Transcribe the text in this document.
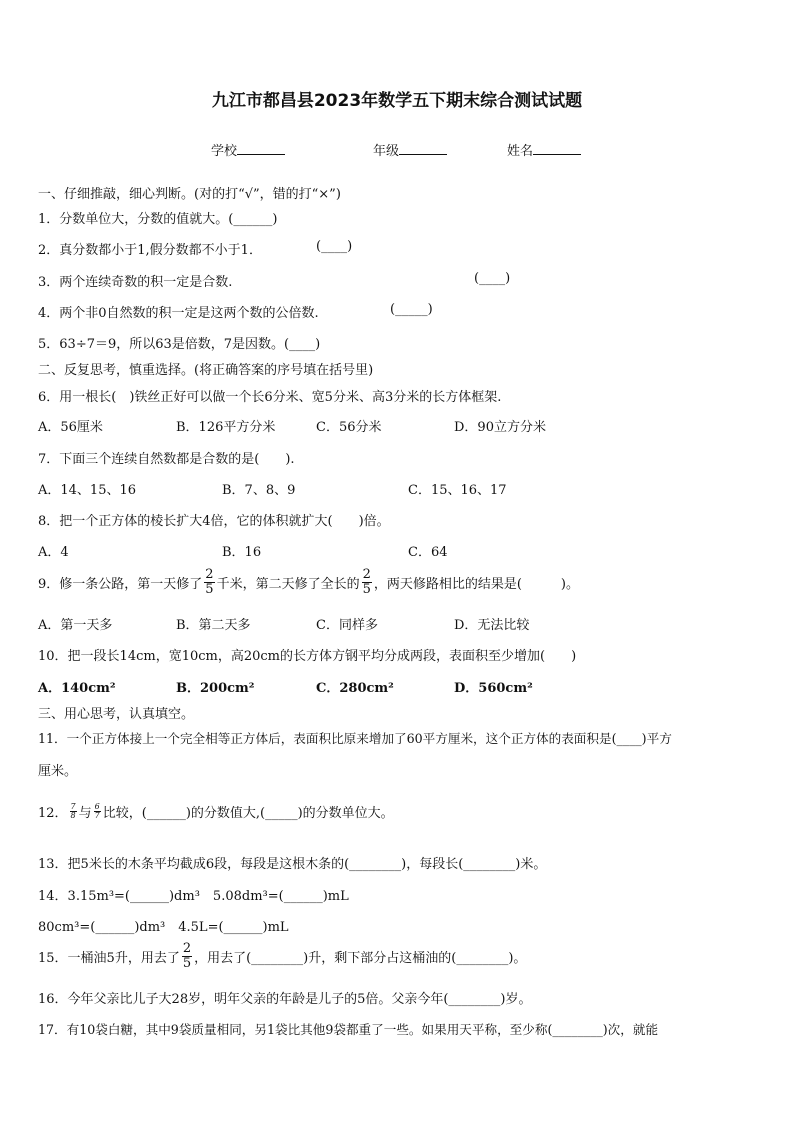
九江市都昌县2023年数学五下期末综合测试试题
学校	年级	姓名
一、仔细推敲，细心判断。(对的打“√”，错的打“×”)
1．分数单位大，分数的值就大。(______)
2．真分数都小于1,假分数都不小于1．	(____)
3．两个连续奇数的积一定是合数.	(____)
4．两个非0自然数的积一定是这两个数的公倍数.	(_____)
5．63÷7＝9，所以63是倍数，7是因数。(____)
二、反复思考，慎重选择。(将正确答案的序号填在括号里)
6．用一根长(　)铁丝正好可以做一个长6分米、宽5分米、高3分米的长方体框架.
A．56厘米	B．126平方分米	C．56分米	D．90立方分米
7．下面三个连续自然数都是合数的是(　　).
A．14、15、16	B．7、8、9	C．15、16、17
8．把一个正方体的棱长扩大4倍，它的体积就扩大(　　)倍。
A．4	B．16	C．64
9．修一条公路，第一天修了 $\frac{2}{5}$ 千米，第二天修了全长的 $\frac{2}{5}$ ，两天修路相比的结果是(　　　)。
A．第一天多	B．第二天多	C．同样多	D．无法比较
10．把一段长14cm，宽10cm，高20cm的长方体方钢平均分成两段，表面积至少增加(　　)
A．140cm²	B．200cm²	C．280cm²	D．560cm²
三、用心思考，认真填空。
11．一个正方体接上一个完全相等正方体后，表面积比原来增加了60平方厘米，这个正方体的表面积是(____)平方
厘米。
12． $\frac{7}{8}$ 与 $\frac{6}{7}$ 比较，(______)的分数值大,(_____)的分数单位大。
13．把5米长的木条平均截成6段，每段是这根木条的(________)，每段长(________)米。
14．3.15m³=(______)dm³　5.08dm³=(______)mL
80cm³=(______)dm³　4.5L=(______)mL
15．一桶油5升，用去了 $\frac{2}{5}$ ，用去了(________)升，剩下部分占这桶油的(________)。
16．今年父亲比儿子大28岁，明年父亲的年龄是儿子的5倍。父亲今年(________)岁。
17．有10袋白糖，其中9袋质量相同，另1袋比其他9袋都重了一些。如果用天平称，至少称(________)次，就能
